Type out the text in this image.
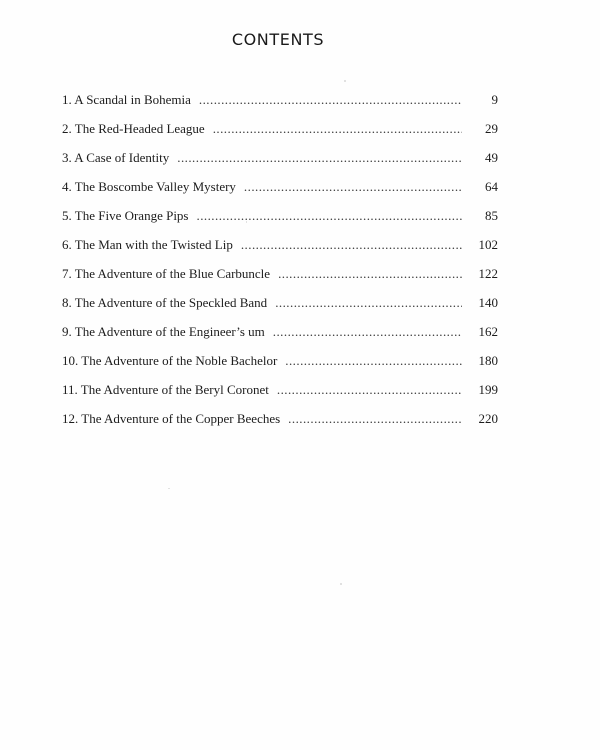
CONTENTS
1. A Scandal in Bohemia . . .	9
2. The Red-Headed League . . .	29
3. A Case of Identity . . .	49
4. The Boscombe Valley Mystery . . .	64
5. The Five Orange Pips . . .	85
6. The Man with the Twisted Lip . . .	102
7. The Adventure of the Blue Carbuncle . . .	122
8. The Adventure of the Speckled Band . . .	140
9. The Adventure of the Engineer’s um . . .	162
10. The Adventure of the Noble Bachelor . . .	180
11. The Adventure of the Beryl Coronet . . .	199
12. The Adventure of the Copper Beeches . . .	220
